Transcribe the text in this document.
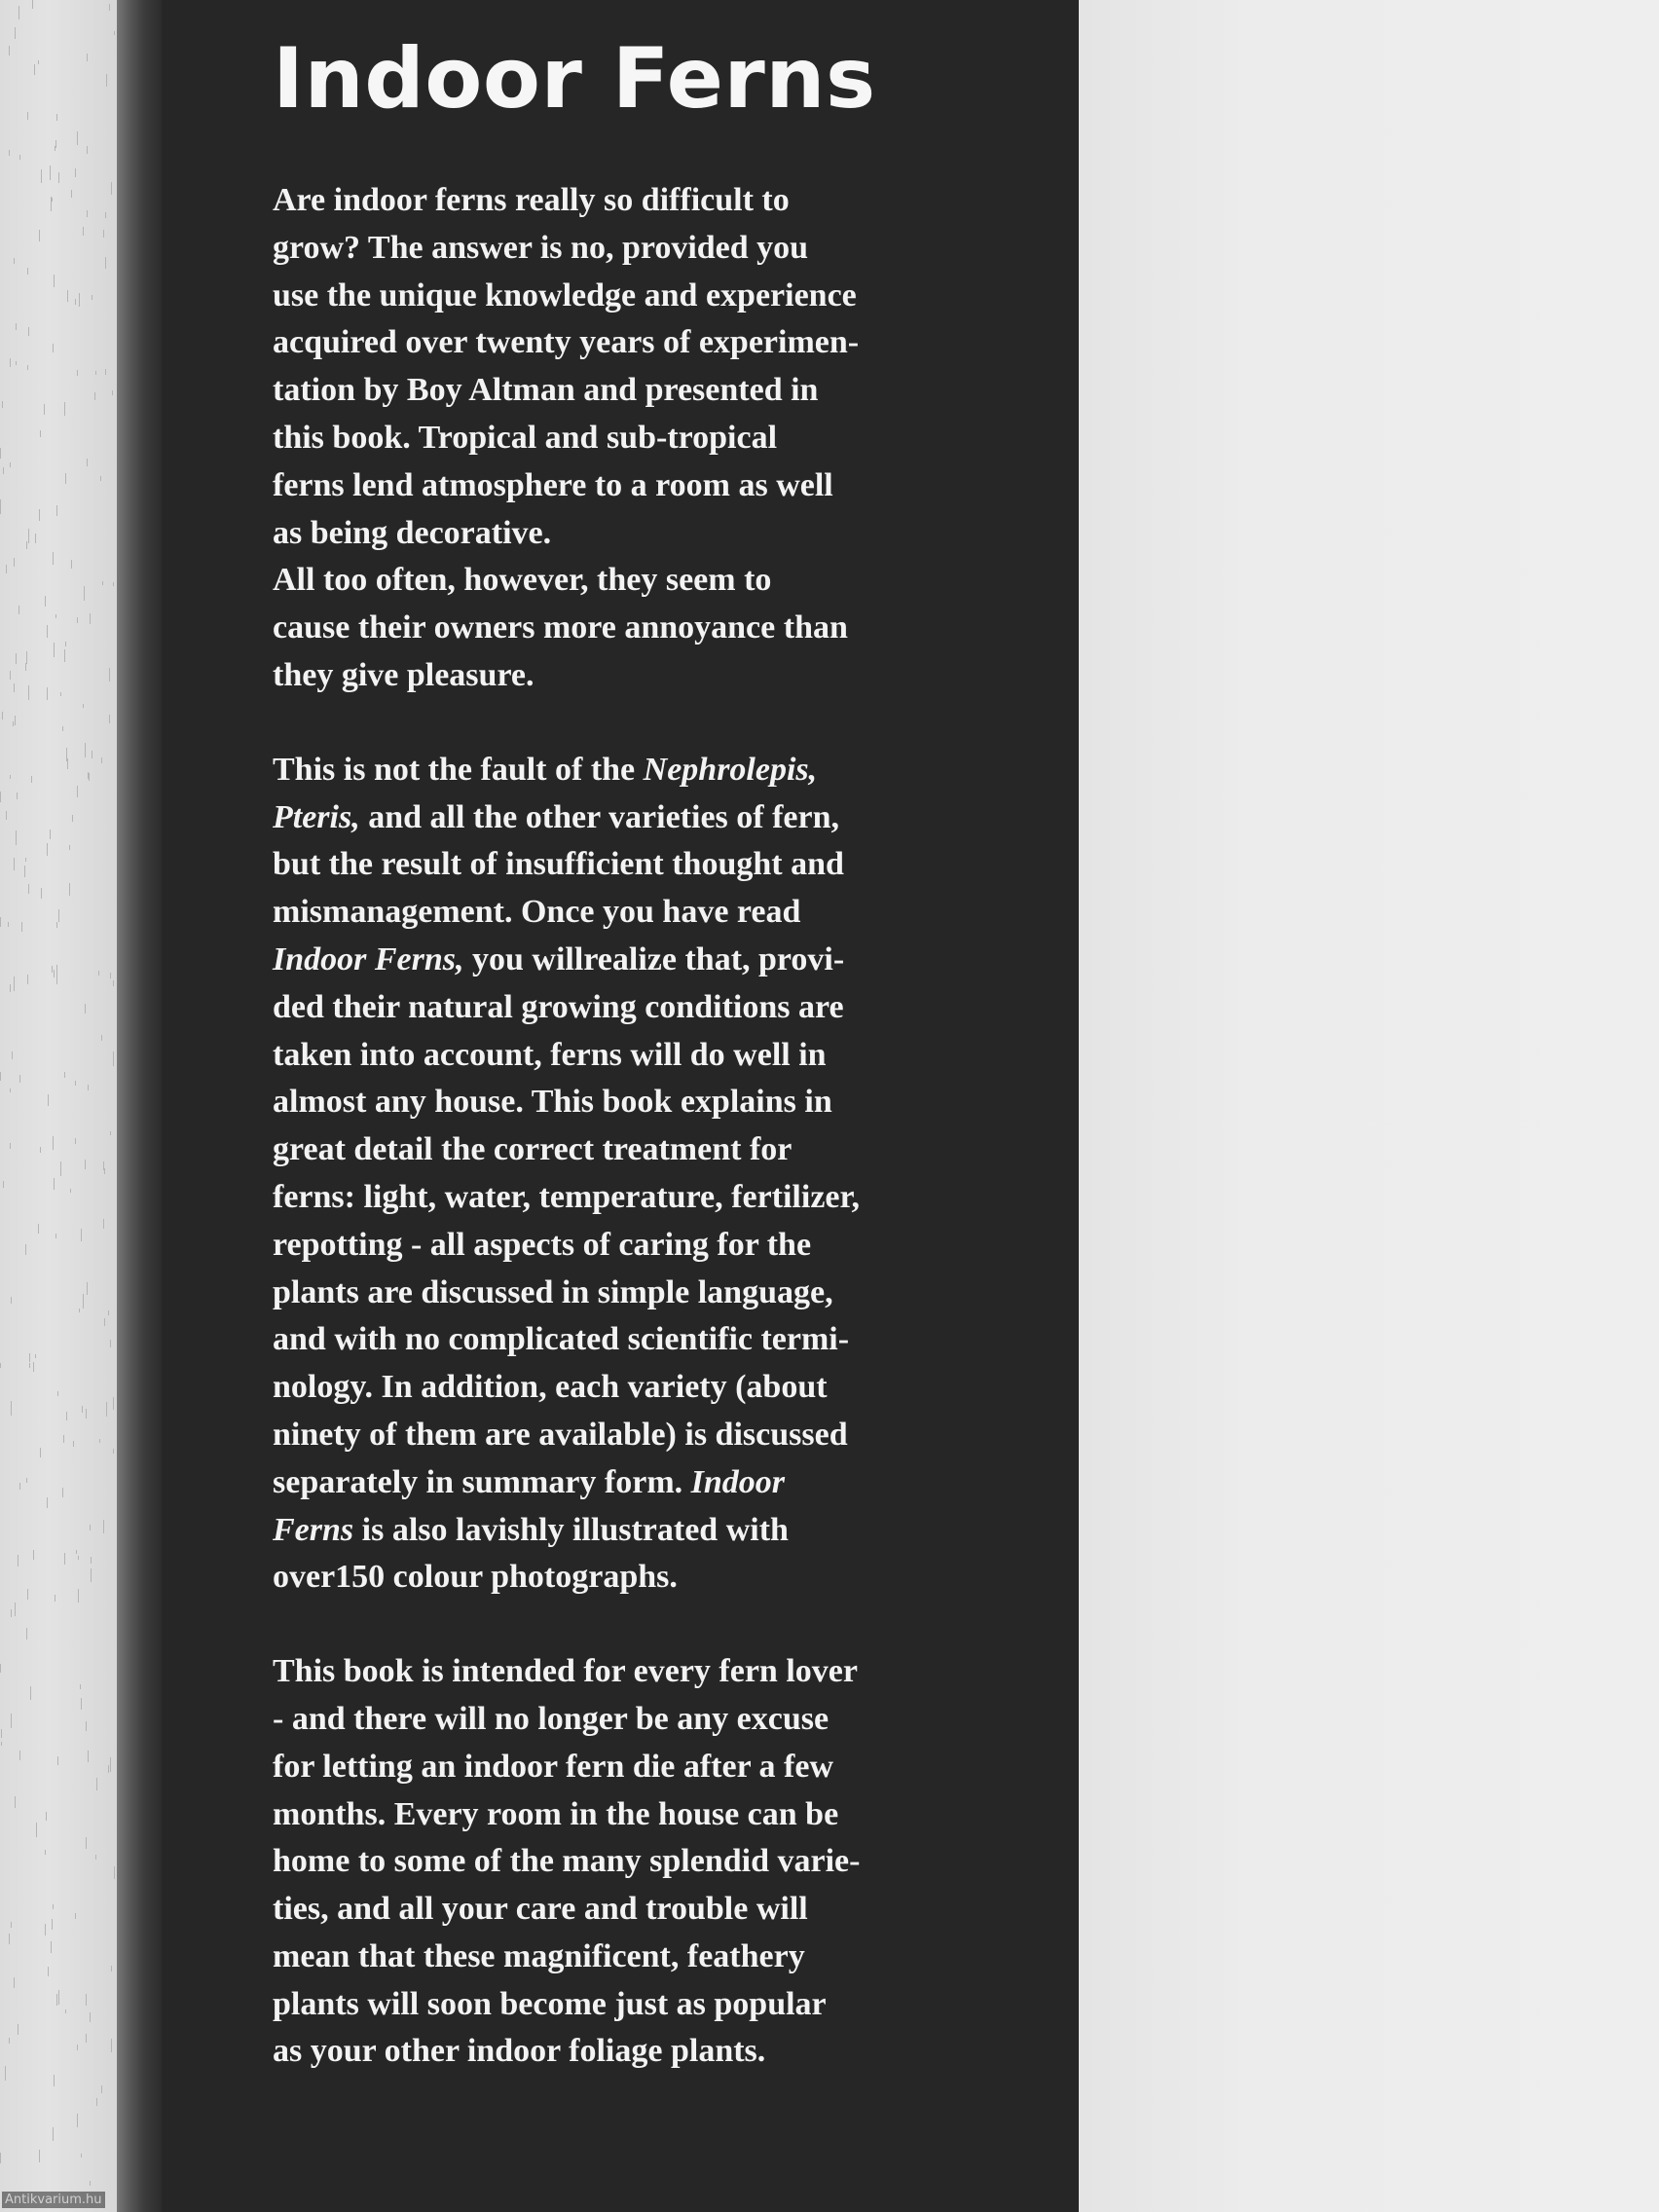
Indoor Ferns

Are indoor ferns really so difficult to
grow? The answer is no, provided you
use the unique knowledge and experience
acquired over twenty years of experimen-
tation by Boy Altman and presented in
this book. Tropical and sub-tropical
ferns lend atmosphere to a room as well
as being decorative.
All too often, however, they seem to
cause their owners more annoyance than
they give pleasure.

This is not the fault of the Nephrolepis,
Pteris, and all the other varieties of fern,
but the result of insufficient thought and
mismanagement. Once you have read
Indoor Ferns, you willrealize that, provi-
ded their natural growing conditions are
taken into account, ferns will do well in
almost any house. This book explains in
great detail the correct treatment for
ferns: light, water, temperature, fertilizer,
repotting - all aspects of caring for the
plants are discussed in simple language,
and with no complicated scientific termi-
nology. In addition, each variety (about
ninety of them are available) is discussed
separately in summary form. Indoor
Ferns is also lavishly illustrated with
over150 colour photographs.

This book is intended for every fern lover
- and there will no longer be any excuse
for letting an indoor fern die after a few
months. Every room in the house can be
home to some of the many splendid varie-
ties, and all your care and trouble will
mean that these magnificent, feathery
plants will soon become just as popular
as your other indoor foliage plants.

Antikvarium.hu
